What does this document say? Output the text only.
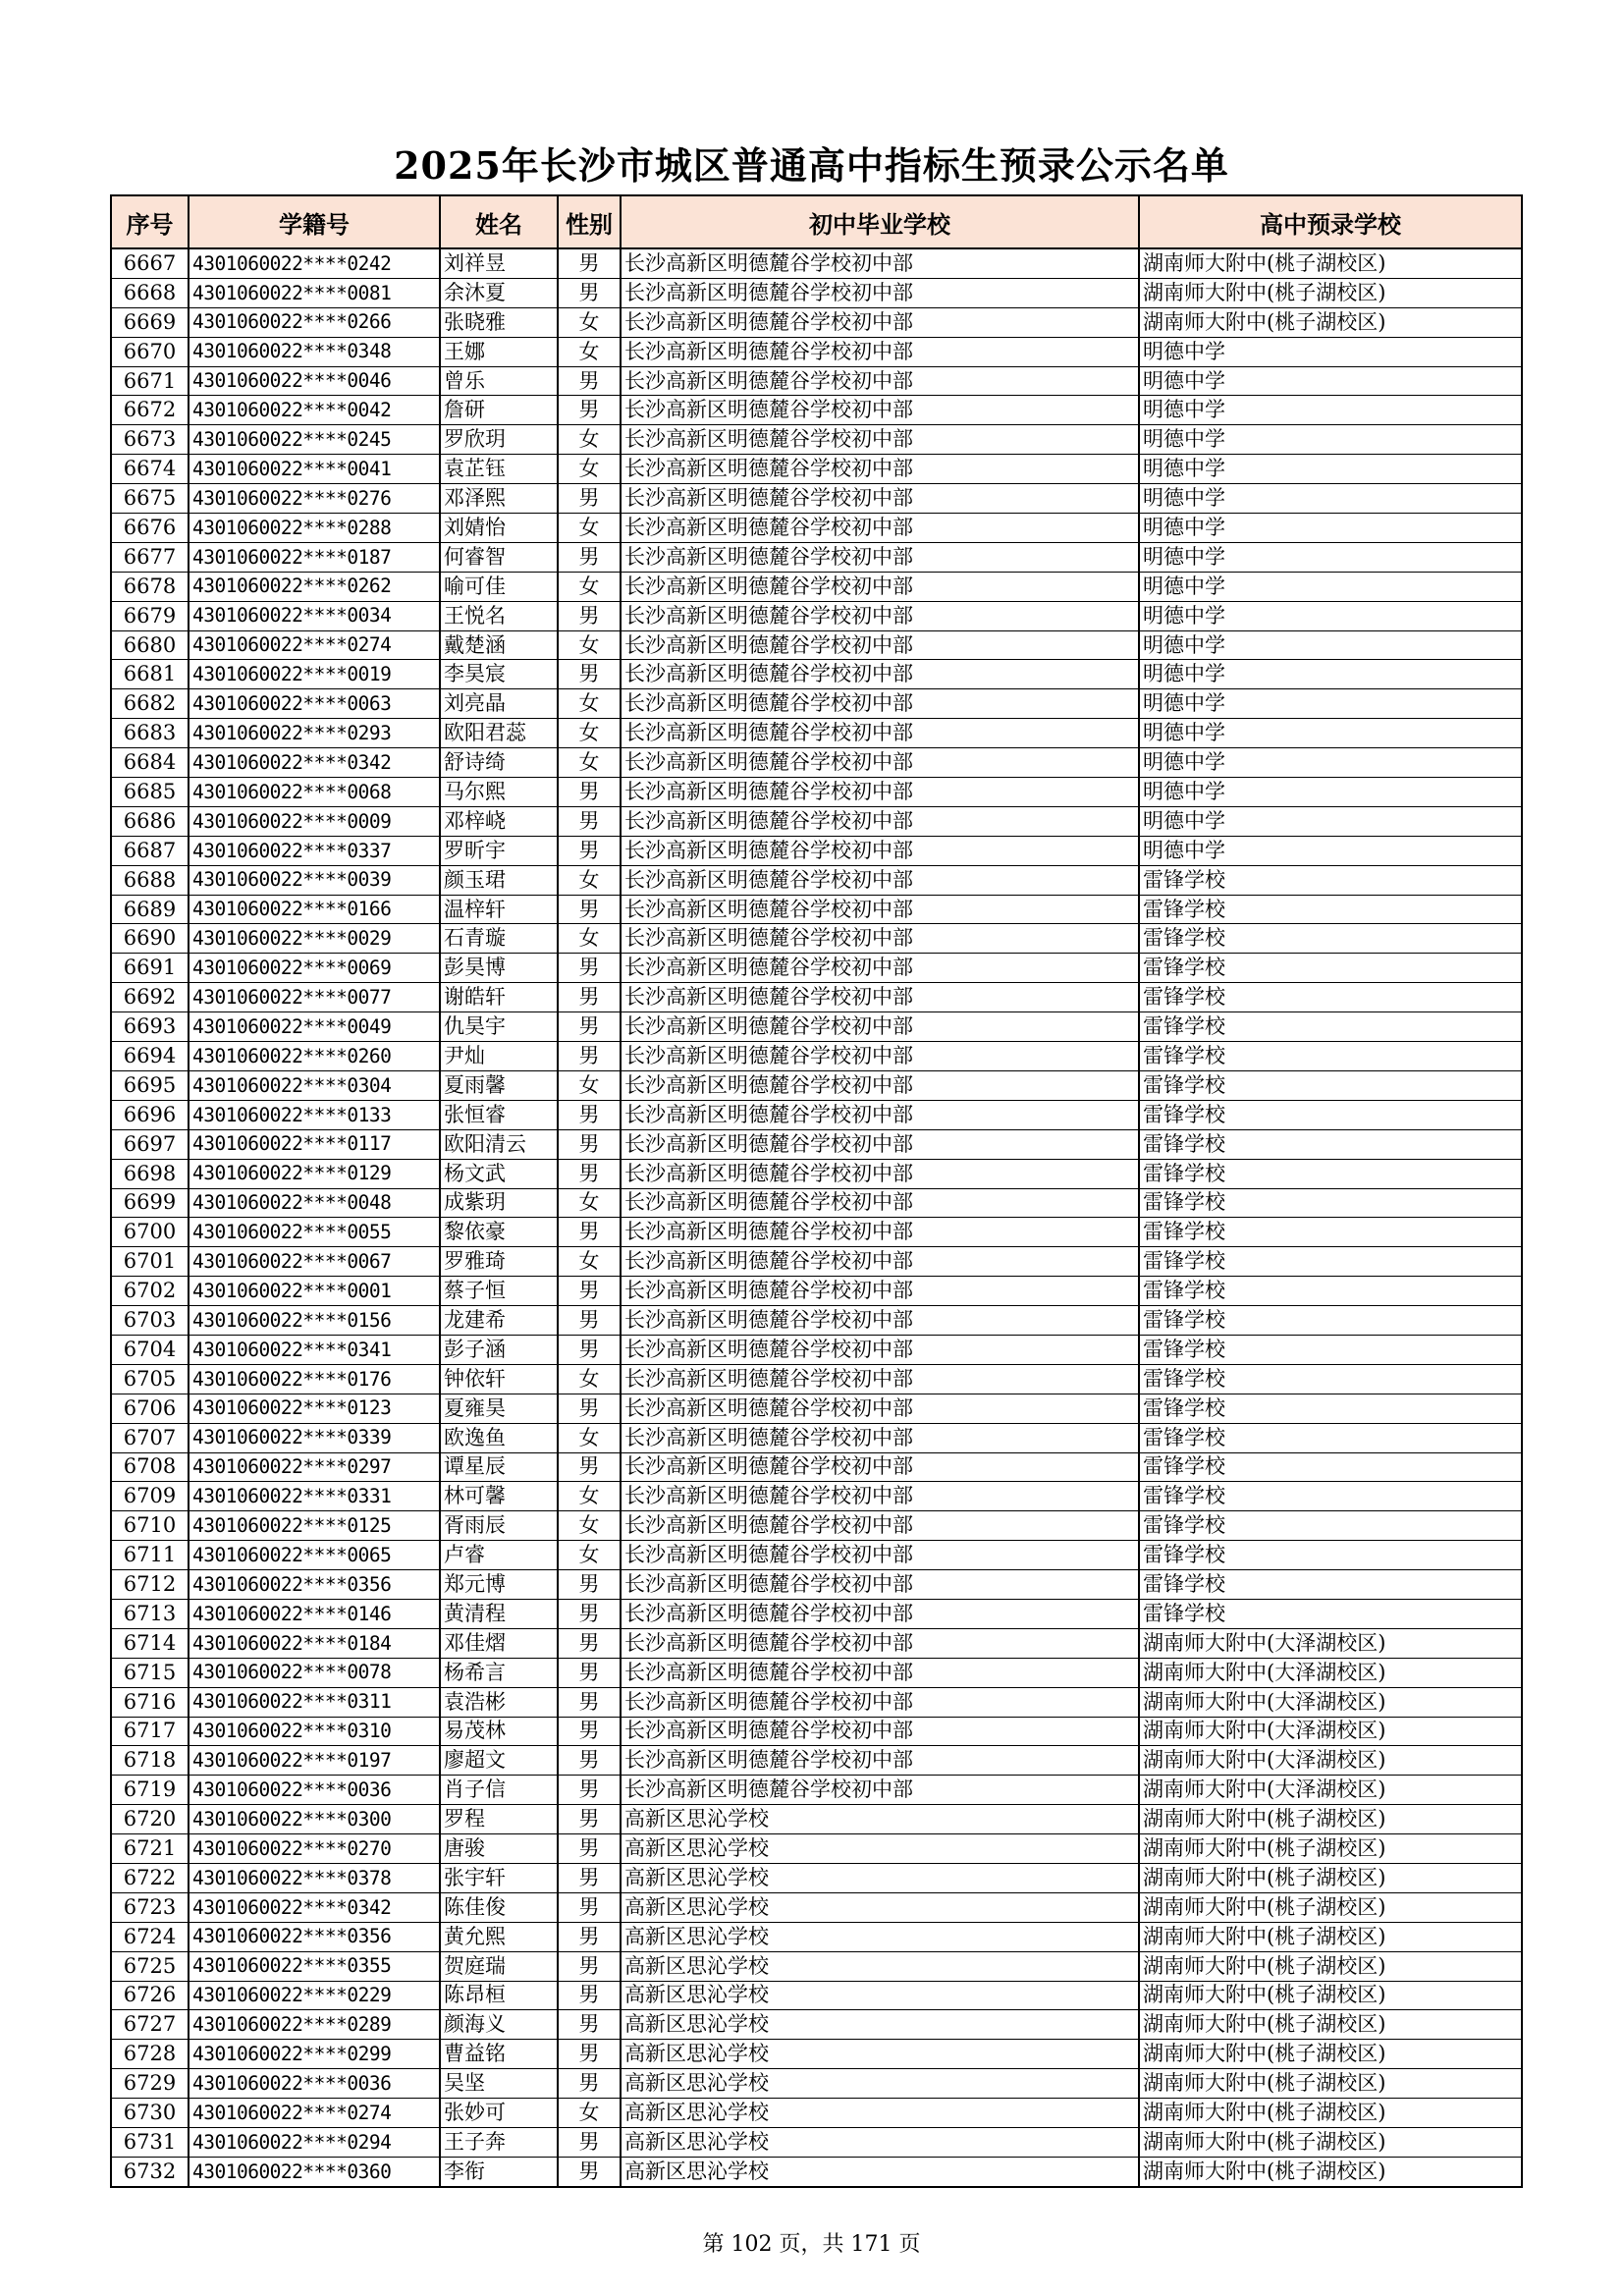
2025年长沙市城区普通高中指标生预录公示名单
序号	学籍号	姓名	性别	初中毕业学校	高中预录学校
6667	4301060022****0242	刘祥昱	男	长沙高新区明德麓谷学校初中部	湖南师大附中(桃子湖校区)
6668	4301060022****0081	余沐夏	男	长沙高新区明德麓谷学校初中部	湖南师大附中(桃子湖校区)
6669	4301060022****0266	张晓雅	女	长沙高新区明德麓谷学校初中部	湖南师大附中(桃子湖校区)
6670	4301060022****0348	王娜	女	长沙高新区明德麓谷学校初中部	明德中学
6671	4301060022****0046	曾乐	男	长沙高新区明德麓谷学校初中部	明德中学
6672	4301060022****0042	詹研	男	长沙高新区明德麓谷学校初中部	明德中学
6673	4301060022****0245	罗欣玥	女	长沙高新区明德麓谷学校初中部	明德中学
6674	4301060022****0041	袁芷钰	女	长沙高新区明德麓谷学校初中部	明德中学
6675	4301060022****0276	邓泽熙	男	长沙高新区明德麓谷学校初中部	明德中学
6676	4301060022****0288	刘婧怡	女	长沙高新区明德麓谷学校初中部	明德中学
6677	4301060022****0187	何睿智	男	长沙高新区明德麓谷学校初中部	明德中学
6678	4301060022****0262	喻可佳	女	长沙高新区明德麓谷学校初中部	明德中学
6679	4301060022****0034	王悦名	男	长沙高新区明德麓谷学校初中部	明德中学
6680	4301060022****0274	戴楚涵	女	长沙高新区明德麓谷学校初中部	明德中学
6681	4301060022****0019	李昊宸	男	长沙高新区明德麓谷学校初中部	明德中学
6682	4301060022****0063	刘亮晶	女	长沙高新区明德麓谷学校初中部	明德中学
6683	4301060022****0293	欧阳君蕊	女	长沙高新区明德麓谷学校初中部	明德中学
6684	4301060022****0342	舒诗绮	女	长沙高新区明德麓谷学校初中部	明德中学
6685	4301060022****0068	马尔熙	男	长沙高新区明德麓谷学校初中部	明德中学
6686	4301060022****0009	邓梓峣	男	长沙高新区明德麓谷学校初中部	明德中学
6687	4301060022****0337	罗昕宇	男	长沙高新区明德麓谷学校初中部	明德中学
6688	4301060022****0039	颜玉珺	女	长沙高新区明德麓谷学校初中部	雷锋学校
6689	4301060022****0166	温梓轩	男	长沙高新区明德麓谷学校初中部	雷锋学校
6690	4301060022****0029	石青璇	女	长沙高新区明德麓谷学校初中部	雷锋学校
6691	4301060022****0069	彭昊博	男	长沙高新区明德麓谷学校初中部	雷锋学校
6692	4301060022****0077	谢皓轩	男	长沙高新区明德麓谷学校初中部	雷锋学校
6693	4301060022****0049	仇昊宇	男	长沙高新区明德麓谷学校初中部	雷锋学校
6694	4301060022****0260	尹灿	男	长沙高新区明德麓谷学校初中部	雷锋学校
6695	4301060022****0304	夏雨馨	女	长沙高新区明德麓谷学校初中部	雷锋学校
6696	4301060022****0133	张恒睿	男	长沙高新区明德麓谷学校初中部	雷锋学校
6697	4301060022****0117	欧阳清云	男	长沙高新区明德麓谷学校初中部	雷锋学校
6698	4301060022****0129	杨文武	男	长沙高新区明德麓谷学校初中部	雷锋学校
6699	4301060022****0048	成紫玥	女	长沙高新区明德麓谷学校初中部	雷锋学校
6700	4301060022****0055	黎依豪	男	长沙高新区明德麓谷学校初中部	雷锋学校
6701	4301060022****0067	罗雅琦	女	长沙高新区明德麓谷学校初中部	雷锋学校
6702	4301060022****0001	蔡子恒	男	长沙高新区明德麓谷学校初中部	雷锋学校
6703	4301060022****0156	龙建希	男	长沙高新区明德麓谷学校初中部	雷锋学校
6704	4301060022****0341	彭子涵	男	长沙高新区明德麓谷学校初中部	雷锋学校
6705	4301060022****0176	钟依轩	女	长沙高新区明德麓谷学校初中部	雷锋学校
6706	4301060022****0123	夏雍昊	男	长沙高新区明德麓谷学校初中部	雷锋学校
6707	4301060022****0339	欧逸鱼	女	长沙高新区明德麓谷学校初中部	雷锋学校
6708	4301060022****0297	谭星辰	男	长沙高新区明德麓谷学校初中部	雷锋学校
6709	4301060022****0331	林可馨	女	长沙高新区明德麓谷学校初中部	雷锋学校
6710	4301060022****0125	胥雨辰	女	长沙高新区明德麓谷学校初中部	雷锋学校
6711	4301060022****0065	卢睿	女	长沙高新区明德麓谷学校初中部	雷锋学校
6712	4301060022****0356	郑元博	男	长沙高新区明德麓谷学校初中部	雷锋学校
6713	4301060022****0146	黄清程	男	长沙高新区明德麓谷学校初中部	雷锋学校
6714	4301060022****0184	邓佳熠	男	长沙高新区明德麓谷学校初中部	湖南师大附中(大泽湖校区)
6715	4301060022****0078	杨希言	男	长沙高新区明德麓谷学校初中部	湖南师大附中(大泽湖校区)
6716	4301060022****0311	袁浩彬	男	长沙高新区明德麓谷学校初中部	湖南师大附中(大泽湖校区)
6717	4301060022****0310	易茂林	男	长沙高新区明德麓谷学校初中部	湖南师大附中(大泽湖校区)
6718	4301060022****0197	廖超文	男	长沙高新区明德麓谷学校初中部	湖南师大附中(大泽湖校区)
6719	4301060022****0036	肖子信	男	长沙高新区明德麓谷学校初中部	湖南师大附中(大泽湖校区)
6720	4301060022****0300	罗程	男	高新区思沁学校	湖南师大附中(桃子湖校区)
6721	4301060022****0270	唐骏	男	高新区思沁学校	湖南师大附中(桃子湖校区)
6722	4301060022****0378	张宇轩	男	高新区思沁学校	湖南师大附中(桃子湖校区)
6723	4301060022****0342	陈佳俊	男	高新区思沁学校	湖南师大附中(桃子湖校区)
6724	4301060022****0356	黄允熙	男	高新区思沁学校	湖南师大附中(桃子湖校区)
6725	4301060022****0355	贺庭瑞	男	高新区思沁学校	湖南师大附中(桃子湖校区)
6726	4301060022****0229	陈昂桓	男	高新区思沁学校	湖南师大附中(桃子湖校区)
6727	4301060022****0289	颜海义	男	高新区思沁学校	湖南师大附中(桃子湖校区)
6728	4301060022****0299	曹益铭	男	高新区思沁学校	湖南师大附中(桃子湖校区)
6729	4301060022****0036	吴坚	男	高新区思沁学校	湖南师大附中(桃子湖校区)
6730	4301060022****0274	张妙可	女	高新区思沁学校	湖南师大附中(桃子湖校区)
6731	4301060022****0294	王子奔	男	高新区思沁学校	湖南师大附中(桃子湖校区)
6732	4301060022****0360	李衔	男	高新区思沁学校	湖南师大附中(桃子湖校区)
第 102 页，共 171 页
